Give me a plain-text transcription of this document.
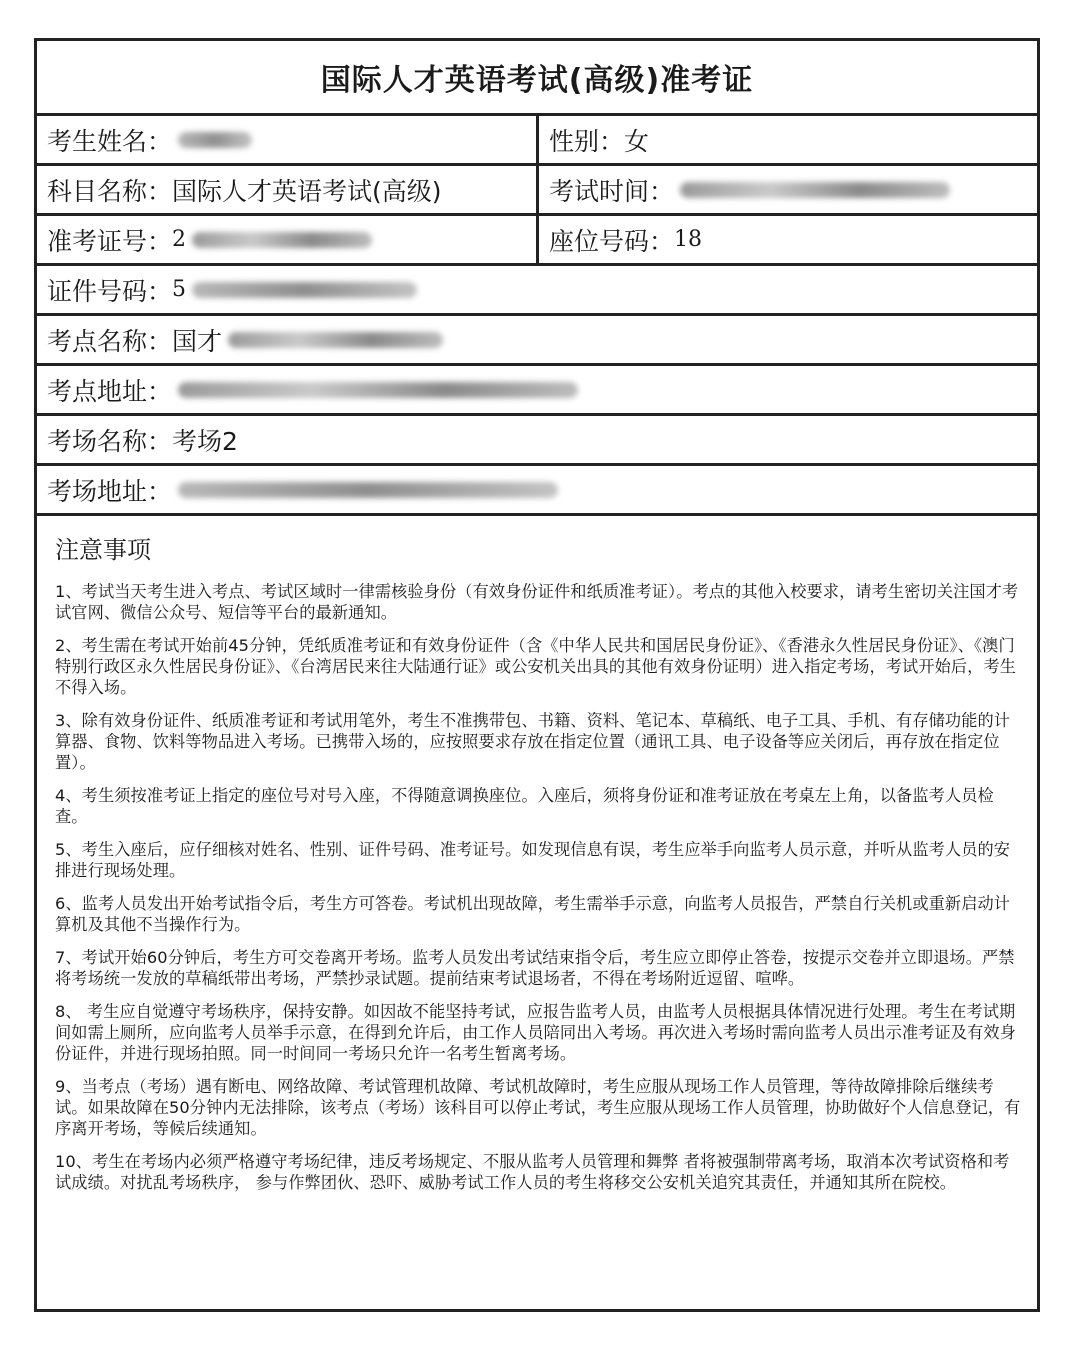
国际人才英语考试(高级)准考证
考生姓名：	性别： 女
科目名称： 国际人才英语考试(高级)	考试时间：
准考证号： 2	座位号码： 18
证件号码： 5
考点名称： 国才
考点地址：
考场名称： 考场2
考场地址：
注意事项
1、考试当天考生进入考点、考试区域时一律需核验身份（有效身份证件和纸质准考证）。考点的其他入校要求，请考生密切关注国才考试官网、微信公众号、短信等平台的最新通知。
2、考生需在考试开始前45分钟，凭纸质准考证和有效身份证件（含《中华人民共和国居民身份证》、《香港永久性居民身份证》、《澳门特别行政区永久性居民身份证》、《台湾居民来往大陆通行证》或公安机关出具的其他有效身份证明）进入指定考场，考试开始后，考生不得入场。
3、除有效身份证件、纸质准考证和考试用笔外，考生不准携带包、书籍、资料、笔记本、草稿纸、电子工具、手机、有存储功能的计算器、食物、饮料等物品进入考场。已携带入场的，应按照要求存放在指定位置（通讯工具、电子设备等应关闭后，再存放在指定位置）。
4、考生须按准考证上指定的座位号对号入座，不得随意调换座位。入座后，须将身份证和准考证放在考桌左上角，以备监考人员检查。
5、考生入座后，应仔细核对姓名、性别、证件号码、准考证号。如发现信息有误，考生应举手向监考人员示意，并听从监考人员的安排进行现场处理。
6、监考人员发出开始考试指令后，考生方可答卷。考试机出现故障，考生需举手示意，向监考人员报告，严禁自行关机或重新启动计算机及其他不当操作行为。
7、考试开始60分钟后，考生方可交卷离开考场。监考人员发出考试结束指令后，考生应立即停止答卷，按提示交卷并立即退场。严禁将考场统一发放的草稿纸带出考场，严禁抄录试题。提前结束考试退场者，不得在考场附近逗留、喧哗。
8、 考生应自觉遵守考场秩序，保持安静。如因故不能坚持考试，应报告监考人员，由监考人员根据具体情况进行处理。考生在考试期间如需上厕所，应向监考人员举手示意，在得到允许后，由工作人员陪同出入考场。再次进入考场时需向监考人员出示准考证及有效身份证件，并进行现场拍照。同一时间同一考场只允许一名考生暂离考场。
9、当考点（考场）遇有断电、网络故障、考试管理机故障、考试机故障时，考生应服从现场工作人员管理，等待故障排除后继续考试。如果故障在50分钟内无法排除，该考点（考场）该科目可以停止考试，考生应服从现场工作人员管理，协助做好个人信息登记，有序离开考场，等候后续通知。
10、考生在考场内必须严格遵守考场纪律，违反考场规定、不服从监考人员管理和舞弊 者将被强制带离考场，取消本次考试资格和考试成绩。对扰乱考场秩序， 参与作弊团伙、恐吓、威胁考试工作人员的考生将移交公安机关追究其责任，并通知其所在院校。
